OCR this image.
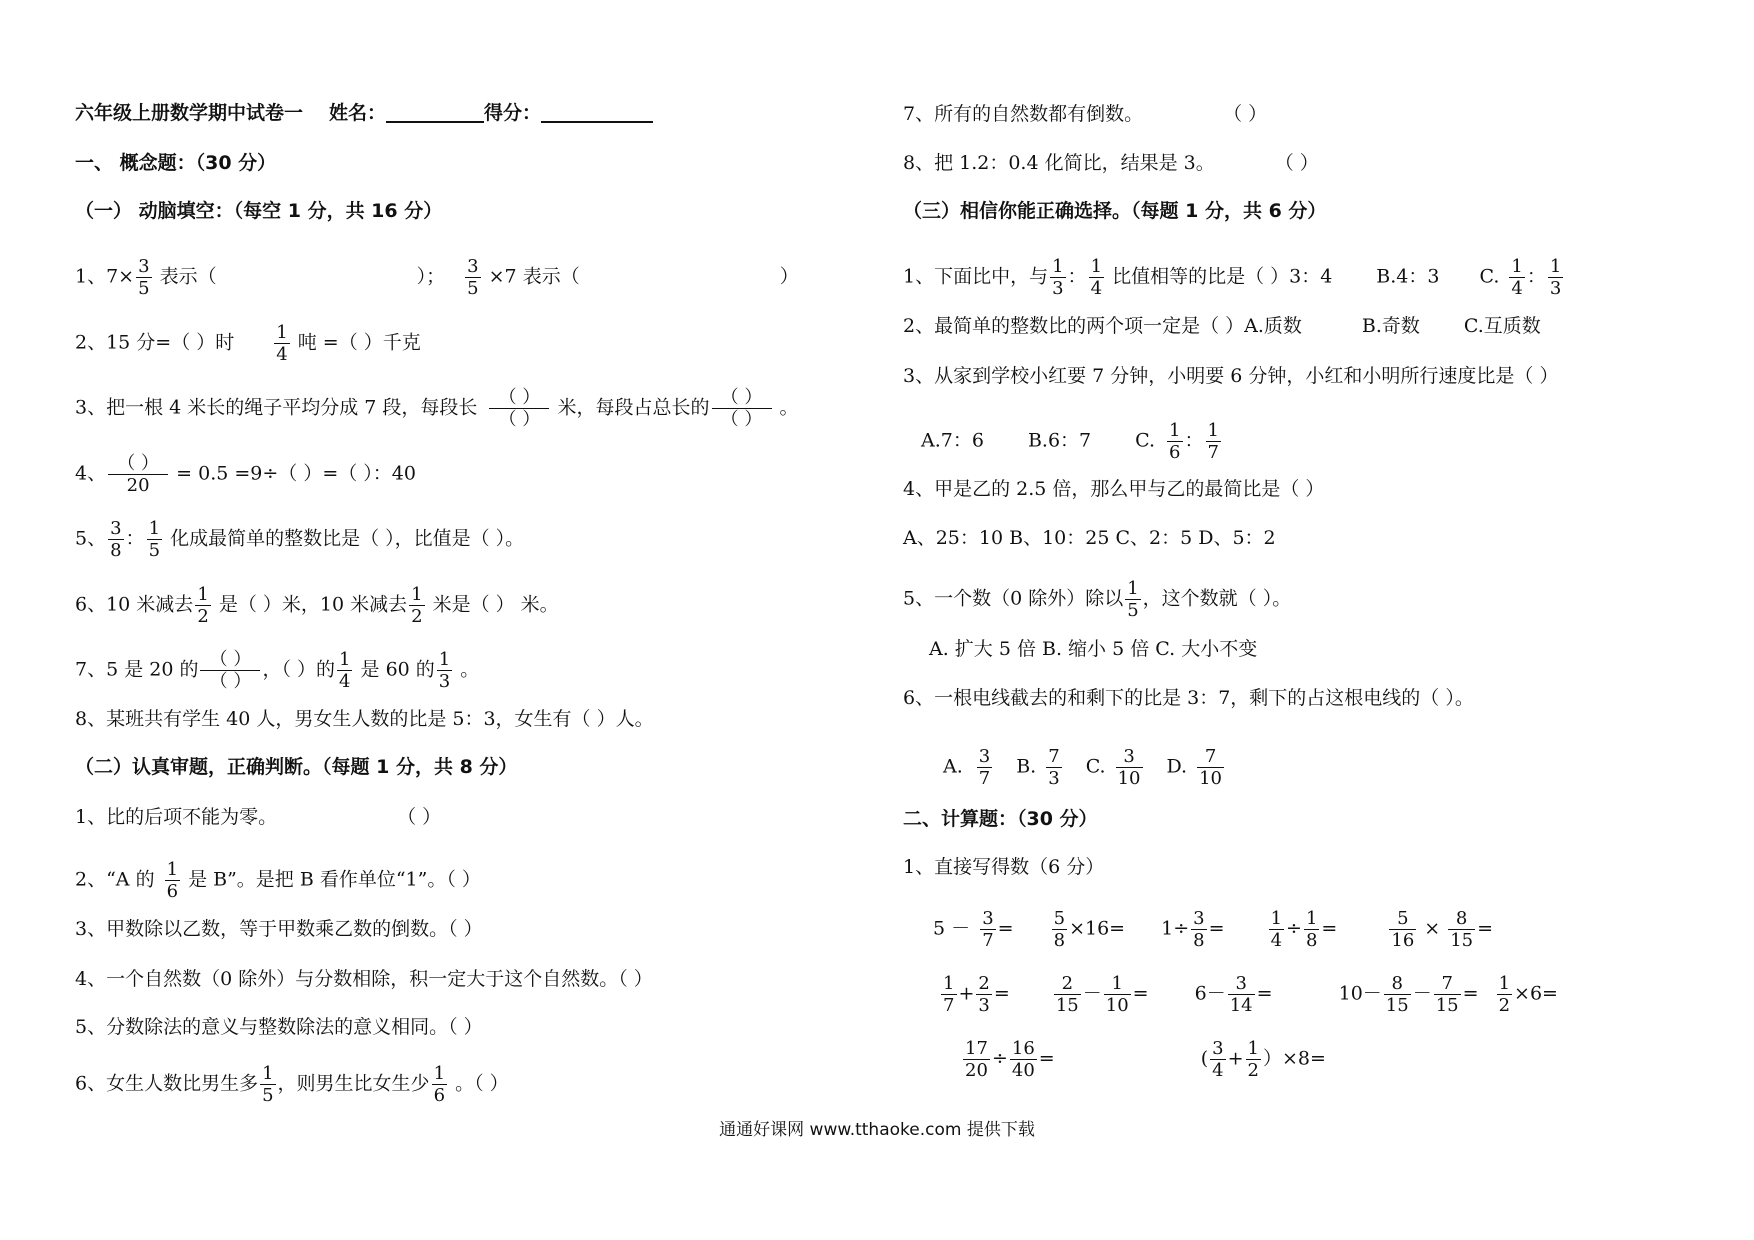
六年级上册数学期中试卷一 姓名：	得分：
一、 概念题：（30 分）
（一） 动脑填空：（每空 1 分，共 16 分）
1、$7\times \frac{3}{5}$ 表示（	）； $\frac{3}{5} \times 7$ 表示（	）
2、15 分=（ ）时 $\frac{1}{4}$ 吨 =（ ）千克
3、把一根 4 米长的绳子平均分成 7 段，每段长 $\frac{( )}{( )}$ 米，每段占总长的 $\frac{( )}{( )}$ 。
4、 $\frac{( )}{20} = 0.5 =9\div$（ ）=（ ）：40
5、 $\frac{3}{8}$ ： $\frac{1}{5}$ 化成最简单的整数比是（ ），比值是（ ）。
6、10 米减去 $\frac{1}{2}$ 是（ ）米，10 米减去 $\frac{1}{2}$ 米是（ ） 米。
7、5 是 20 的 $\frac{( )}{( )}$ ，（ ）的 $\frac{1}{4}$ 是 60 的 $\frac{1}{3}$ 。
8、某班共有学生 40 人，男女生人数的比是 5：3，女生有（ ）人。
（二）认真审题，正确判断。（每题 1 分，共 8 分）
1、比的后项不能为零。	（ ）
2、“A 的 $\frac{1}{6}$ 是 B”。是把 B 看作单位“1”。（ ）
3、甲数除以乙数，等于甲数乘乙数的倒数。（ ）
4、一个自然数（0 除外）与分数相除，积一定大于这个自然数。（ ）
5、分数除法的意义与整数除法的意义相同。（ ）
6、女生人数比男生多 $\frac{1}{5}$ ，则男生比女生少 $\frac{1}{6}$ 。（ ）
7、所有的自然数都有倒数。	（ ）
8、把 1.2：0.4 化简比，结果是 3。	（ ）
（三）相信你能正确选择。（每题 1 分，共 6 分）
1、下面比中，与 $\frac{1}{3}$ ： $\frac{1}{4}$ 比值相等的比是（ ）3：4 B.4：3 C. $\frac{1}{4}$ ： $\frac{1}{3}$
2、最简单的整数比的两个项一定是（ ）A.质数	B.奇数 C.互质数
3、从家到学校小红要 7 分钟，小明要 6 分钟，小红和小明所行速度比是（ ）
A.7：6 B.6：7 C. $\frac{1}{6}$ ： $\frac{1}{7}$
4、甲是乙的 2.5 倍，那么甲与乙的最简比是（ ）
A、25：10 B、10：25 C、2：5 D、5：2
5、一个数（0 除外）除以 $\frac{1}{5}$ ，这个数就（ ）。
A. 扩大 5 倍 B. 缩小 5 倍 C. 大小不变
6、一根电线截去的和剩下的比是 3：7，剩下的占这根电线的（ ）。
A. $\frac{3}{7} B$. $\frac{7}{3} C$. $\frac{3}{10} D$. $\frac{7}{10}$
二、计算题：（30 分）
1、直接写得数（6 分）
$5 - \frac{3}{7} = \frac{5}{8} \times 16= 1\div \frac{3}{8} = \frac{1}{4} \div \frac{1}{8}$ =	$\frac{5}{16} \times \frac{8}{15}$ =

$\frac{1}{7} + \frac{2}{3} = \frac{2}{15} - \frac{1}{10} = 6- \frac{3}{14}$ =	$10- \frac{8}{15} - \frac{7}{15} = \frac{1}{2} \times 6=$

$\frac{17}{20} \div \frac{16}{40}$ =	( $\frac{3}{4} + \frac{1}{2} )\times 8=$
通通好课网 www.tthaoke.com 提供下载
